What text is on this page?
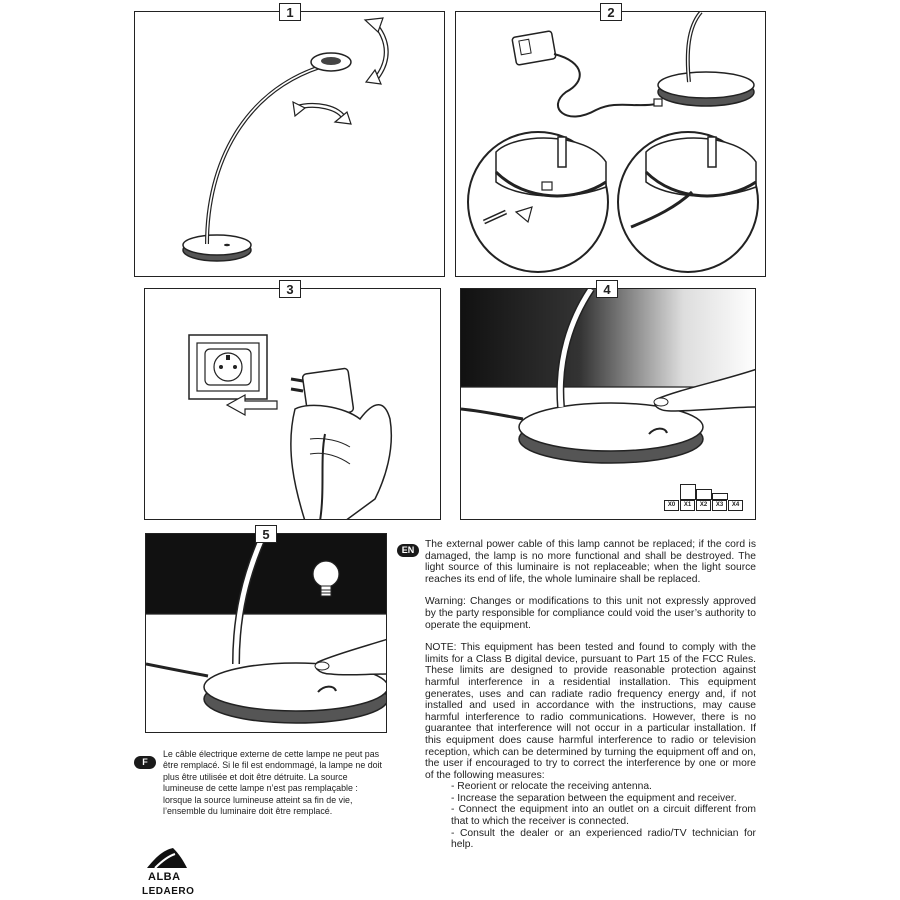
1	2
3	4
X0	X1	X2	X3	X4
5
EN	The external power cable of this lamp cannot be replaced; if the cord is damaged, the lamp is no more functional and shall be destroyed. The light source of this luminaire is not replaceable; when the light source reaches its end of life, the whole luminaire shall be replaced.

Warning: Changes or modifications to this unit not expressly approved by the party responsible for compliance could void the user’s authority to operate the equipment.

NOTE: This equipment has been tested and found to comply with the limits for a Class B digital device, pursuant to Part 15 of the FCC Rules. These limits are designed to provide reasonable protection against harmful interference in a residential installation. This equipment generates, uses and can radiate radio frequency energy and, if not installed and used in accordance with the instructions, may cause harmful interference to radio communications. However, there is no guarantee that interference will not occur in a particular installation. If this equipment does cause harmful interference to radio or television reception, which can be determined by turning the equipment off and on, the user if encouraged to try to correct the interference by one or more of the following measures:

- Reorient or relocate the receiving antenna.
- Increase the separation between the equipment and receiver.
- Connect the equipment into an outlet on a circuit different from that to which the receiver is connected.
- Consult the dealer or an experienced radio/TV technician for help.
F
Le câble électrique externe de cette lampe ne peut pas être remplacé. Si le fil est endommagé, la lampe ne doit plus être utilisée et doit être détruite. La source lumineuse de cette lampe n’est pas remplaçable : lorsque la source lumineuse atteint sa fin de vie, l’ensemble du luminaire doit être remplacé.
ALBA
LEDAERO
